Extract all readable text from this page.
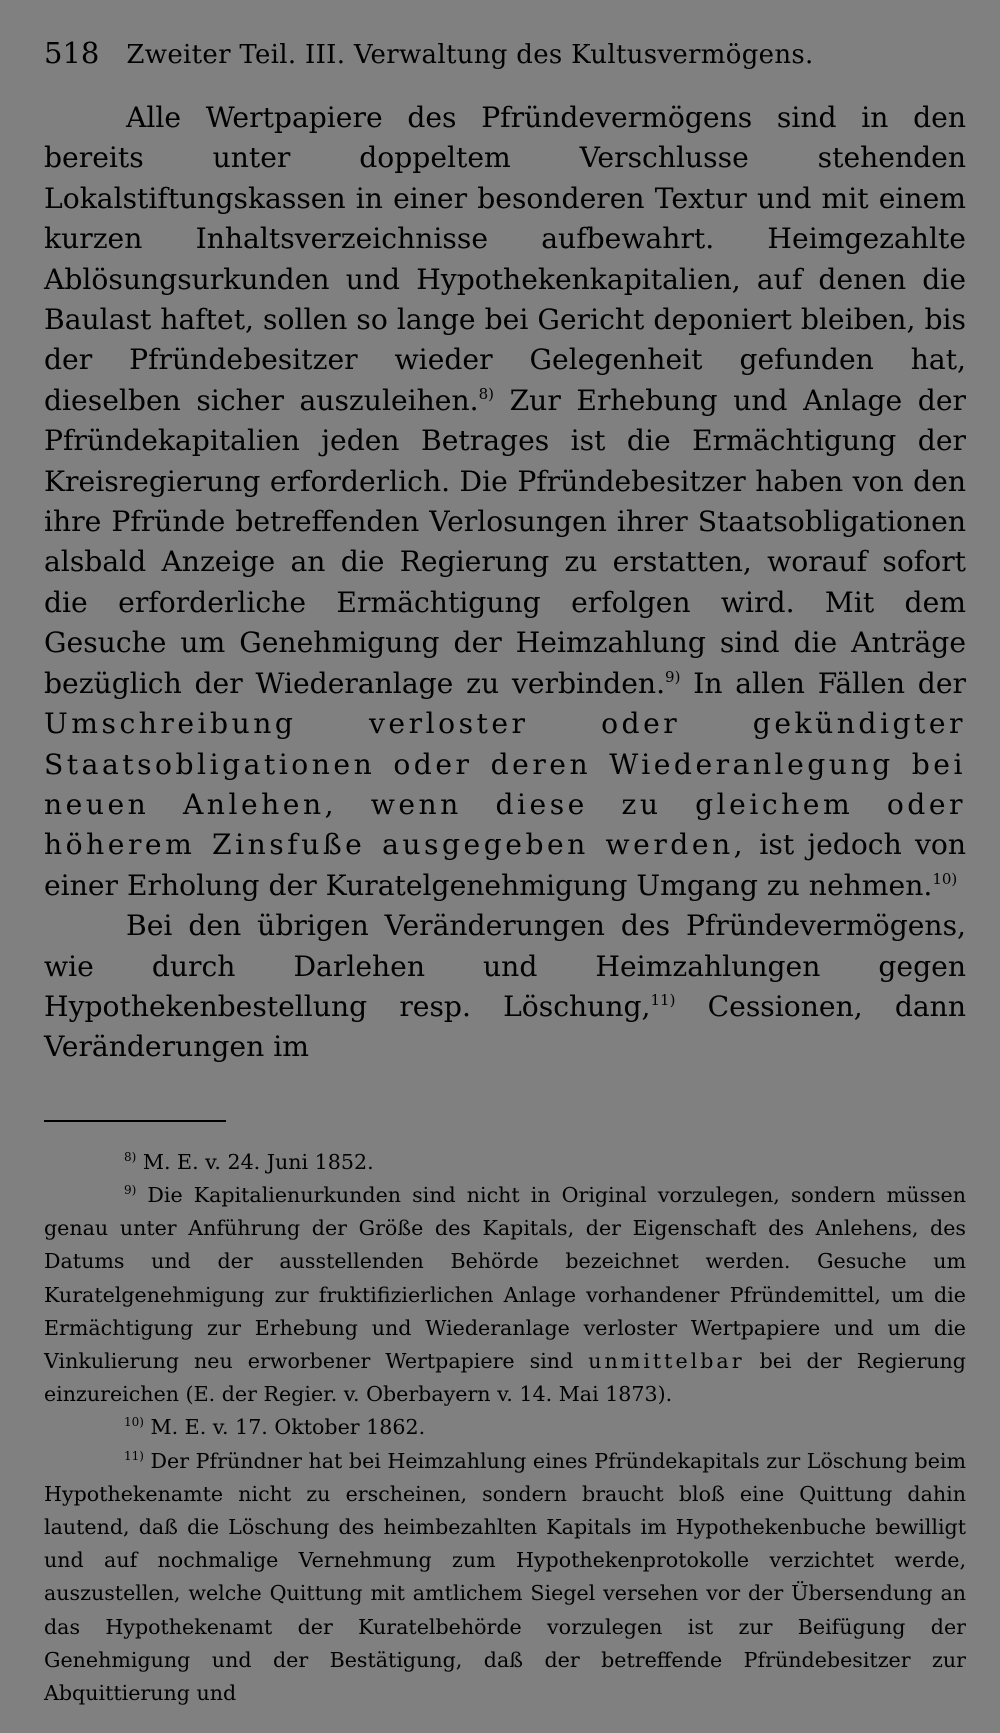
518	Zweiter Teil. III. Verwaltung des Kultusvermögens.

Alle Wertpapiere des Pfründevermögens sind in den bereits unter doppeltem Verschlusse stehenden Lokalstiftungskassen in einer besonderen Textur und mit einem kurzen Inhaltsverzeichnisse aufbewahrt. Heimgezahlte Ablösungsurkunden und Hypothekenkapitalien, auf denen die Baulast haftet, sollen so lange bei Gericht deponiert bleiben, bis der Pfründebesitzer wieder Gelegenheit gefunden hat, dieselben sicher auszuleihen.$^{8)}$ Zur Erhebung und Anlage der Pfründekapitalien jeden Betrages ist die Ermächtigung der Kreisregierung erforderlich. Die Pfründebesitzer haben von den ihre Pfründe betreffenden Verlosungen ihrer Staatsobligationen alsbald Anzeige an die Regierung zu erstatten, worauf sofort die erforderliche Ermächtigung erfolgen wird. Mit dem Gesuche um Genehmigung der Heimzahlung sind die Anträge bezüglich der Wiederanlage zu verbinden.$^{9)}$ In allen Fällen der Umschreibung verloster oder gekündigter Staatsobligationen oder deren Wiederanlegung bei neuen Anlehen, wenn diese zu gleichem oder höherem Zinsfuße ausgegeben werden, ist jedoch von einer Erholung der Kuratelgenehmigung Umgang zu nehmen.$^{10)}$

Bei den übrigen Veränderungen des Pfründevermögens, wie durch Darlehen und Heimzahlungen gegen Hypothekenbestellung resp. Löschung,$^{11)}$ Cessionen, dann Veränderungen im

$^{8)}$ M. E. v. 24. Juni 1852.

$^{9)}$ Die Kapitalienurkunden sind nicht in Original vorzulegen, sondern müssen genau unter Anführung der Größe des Kapitals, der Eigenschaft des Anlehens, des Datums und der ausstellenden Behörde bezeichnet werden. Gesuche um Kuratelgenehmigung zur fruktifizierlichen Anlage vorhandener Pfründemittel, um die Ermächtigung zur Erhebung und Wiederanlage verloster Wertpapiere und um die Vinkulierung neu erworbener Wertpapiere sind unmittelbar bei der Regierung einzureichen (E. der Regier. v. Oberbayern v. 14. Mai 1873).

$^{10)}$ M. E. v. 17. Oktober 1862.

$^{11)}$ Der Pfründner hat bei Heimzahlung eines Pfründekapitals zur Löschung beim Hypothekenamte nicht zu erscheinen, sondern braucht bloß eine Quittung dahin lautend, daß die Löschung des heimbezahlten Kapitals im Hypothekenbuche bewilligt und auf nochmalige Vernehmung zum Hypothekenprotokolle verzichtet werde, auszustellen, welche Quittung mit amtlichem Siegel versehen vor der Übersendung an das Hypothekenamt der Kuratelbehörde vorzulegen ist zur Beifügung der Genehmigung und der Bestätigung, daß der betreffende Pfründebesitzer zur Abquittierung und
